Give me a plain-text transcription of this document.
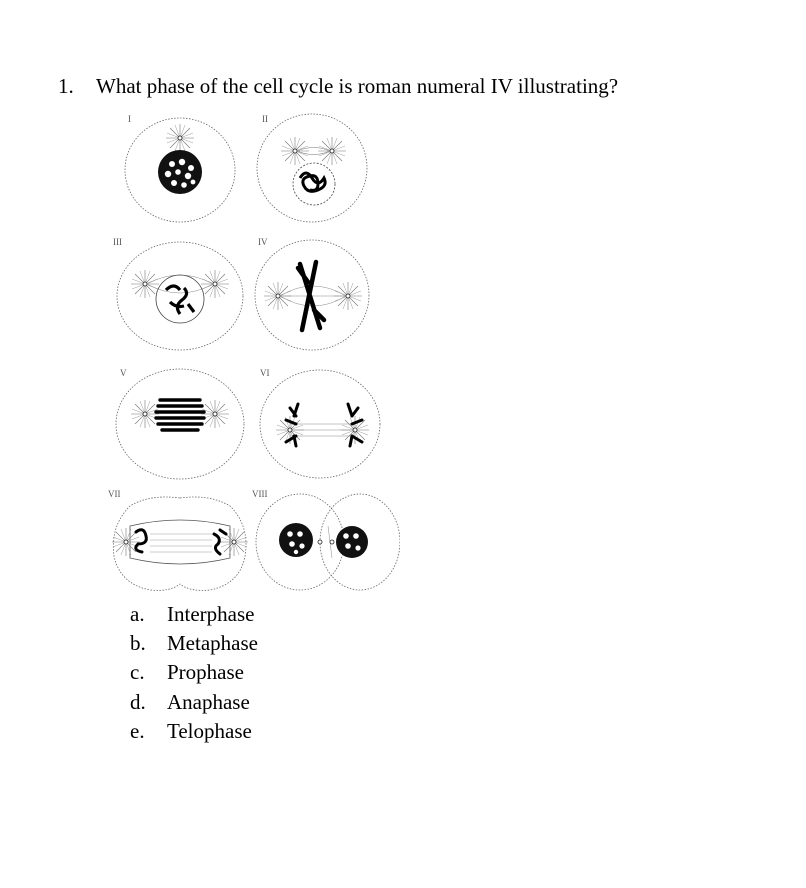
1. What phase of the cell cycle is roman numeral IV illustrating?
I	II
III	IV
V	VI
VII	VIII
a. Interphase
b. Metaphase
c. Prophase
d. Anaphase
e. Telophase
